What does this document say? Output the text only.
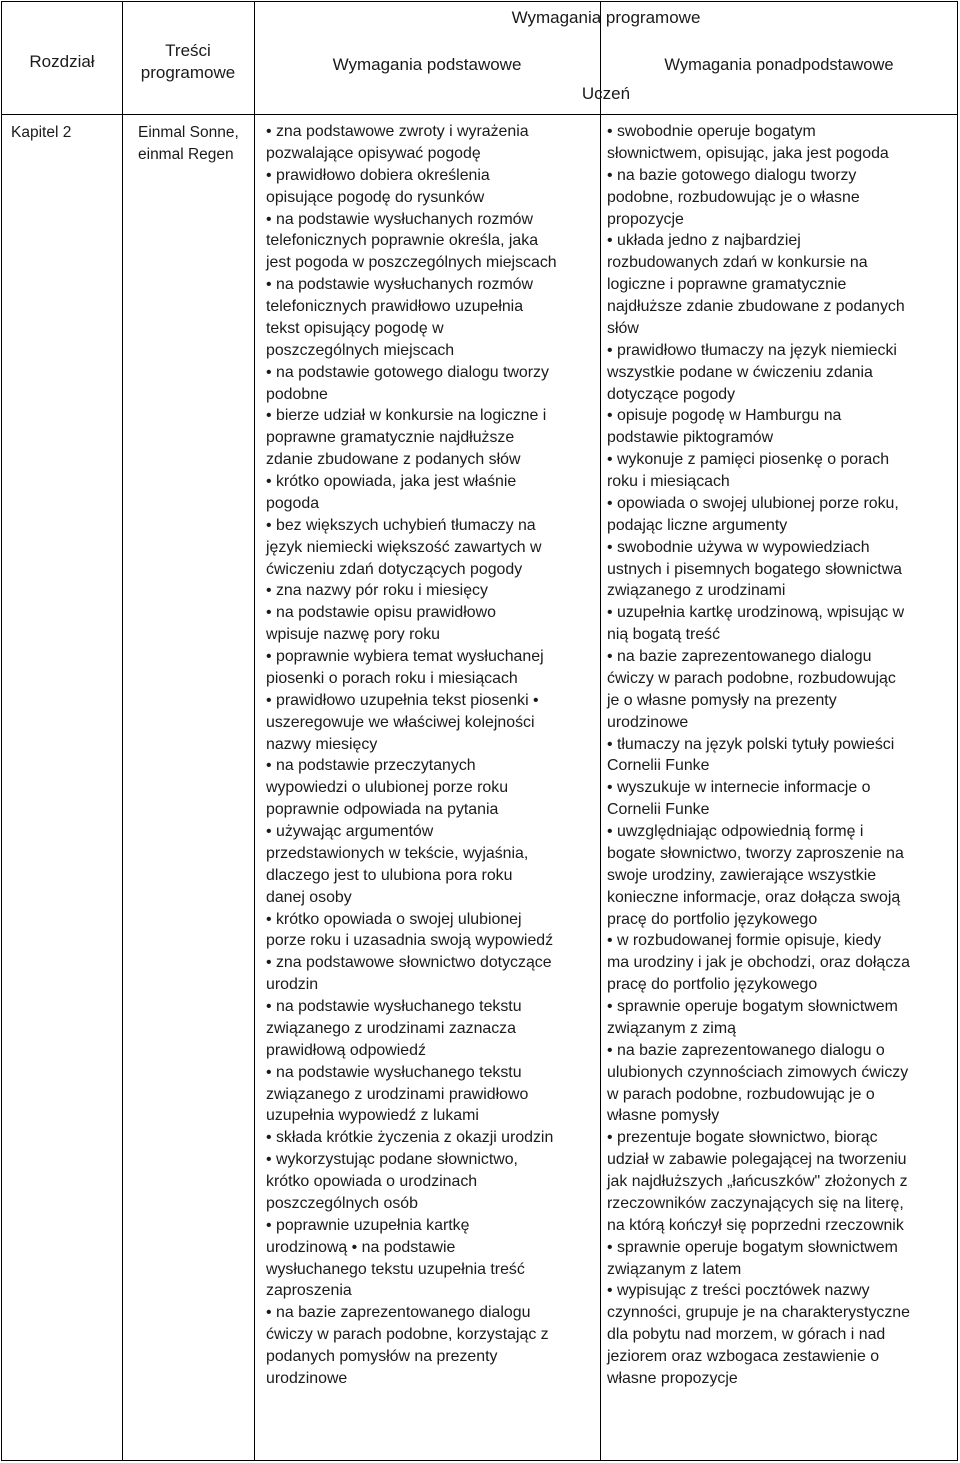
Rozdział
Treści programowe
Wymagania programowe
Wymagania podstawowe	Wymagania ponadpodstawowe
Uczeń
Kapitel 2	Einmal Sonne, einmal Regen

• zna podstawowe zwroty i wyrażenia

pozwalające opisywać pogodę

• prawidłowo dobiera określenia

opisujące pogodę do rysunków

• na podstawie wysłuchanych rozmów

telefonicznych poprawnie określa, jaka

jest pogoda w poszczególnych miejscach

• na podstawie wysłuchanych rozmów

telefonicznych prawidłowo uzupełnia

tekst opisujący pogodę w

poszczególnych miejscach

• na podstawie gotowego dialogu tworzy

podobne

• bierze udział w konkursie na logiczne i

poprawne gramatycznie najdłuższe

zdanie zbudowane z podanych słów

• krótko opowiada, jaka jest właśnie

pogoda

• bez większych uchybień tłumaczy na

język niemiecki większość zawartych w

ćwiczeniu zdań dotyczących pogody

• zna nazwy pór roku i miesięcy

• na podstawie opisu prawidłowo

wpisuje nazwę pory roku

• poprawnie wybiera temat wysłuchanej

piosenki o porach roku i miesiącach

• prawidłowo uzupełnia tekst piosenki •

uszeregowuje we właściwej kolejności

nazwy miesięcy

• na podstawie przeczytanych

wypowiedzi o ulubionej porze roku

poprawnie odpowiada na pytania

• używając argumentów

przedstawionych w tekście, wyjaśnia,

dlaczego jest to ulubiona pora roku

danej osoby

• krótko opowiada o swojej ulubionej

porze roku i uzasadnia swoją wypowiedź

• zna podstawowe słownictwo dotyczące

urodzin

• na podstawie wysłuchanego tekstu

związanego z urodzinami zaznacza

prawidłową odpowiedź

• na podstawie wysłuchanego tekstu

związanego z urodzinami prawidłowo

uzupełnia wypowiedź z lukami

• składa krótkie życzenia z okazji urodzin

• wykorzystując podane słownictwo,

krótko opowiada o urodzinach

poszczególnych osób

• poprawnie uzupełnia kartkę

urodzinową • na podstawie

wysłuchanego tekstu uzupełnia treść

zaproszenia

• na bazie zaprezentowanego dialogu

ćwiczy w parach podobne, korzystając z

podanych pomysłów na prezenty

urodzinowe

• swobodnie operuje bogatym

słownictwem, opisując, jaka jest pogoda

• na bazie gotowego dialogu tworzy

podobne, rozbudowując je o własne

propozycje

• układa jedno z najbardziej

rozbudowanych zdań w konkursie na

logiczne i poprawne gramatycznie

najdłuższe zdanie zbudowane z podanych

słów

• prawidłowo tłumaczy na język niemiecki

wszystkie podane w ćwiczeniu zdania

dotyczące pogody

• opisuje pogodę w Hamburgu na

podstawie piktogramów

• wykonuje z pamięci piosenkę o porach

roku i miesiącach

• opowiada o swojej ulubionej porze roku,

podając liczne argumenty

• swobodnie używa w wypowiedziach

ustnych i pisemnych bogatego słownictwa

związanego z urodzinami

• uzupełnia kartkę urodzinową, wpisując w

nią bogatą treść

• na bazie zaprezentowanego dialogu

ćwiczy w parach podobne, rozbudowując

je o własne pomysły na prezenty

urodzinowe

• tłumaczy na język polski tytuły powieści

Cornelii Funke

• wyszukuje w internecie informacje o

Cornelii Funke

• uwzględniając odpowiednią formę i

bogate słownictwo, tworzy zaproszenie na

swoje urodziny, zawierające wszystkie

konieczne informacje, oraz dołącza swoją

pracę do portfolio językowego

• w rozbudowanej formie opisuje, kiedy

ma urodziny i jak je obchodzi, oraz dołącza

pracę do portfolio językowego

• sprawnie operuje bogatym słownictwem

związanym z zimą

• na bazie zaprezentowanego dialogu o

ulubionych czynnościach zimowych ćwiczy

w parach podobne, rozbudowując je o

własne pomysły

• prezentuje bogate słownictwo, biorąc

udział w zabawie polegającej na tworzeniu

jak najdłuższych „łańcuszków" złożonych z

rzeczowników zaczynających się na literę,

na którą kończył się poprzedni rzeczownik

• sprawnie operuje bogatym słownictwem

związanym z latem

• wypisując z treści pocztówek nazwy

czynności, grupuje je na charakterystyczne

dla pobytu nad morzem, w górach i nad

jeziorem oraz wzbogaca zestawienie o

własne propozycje
